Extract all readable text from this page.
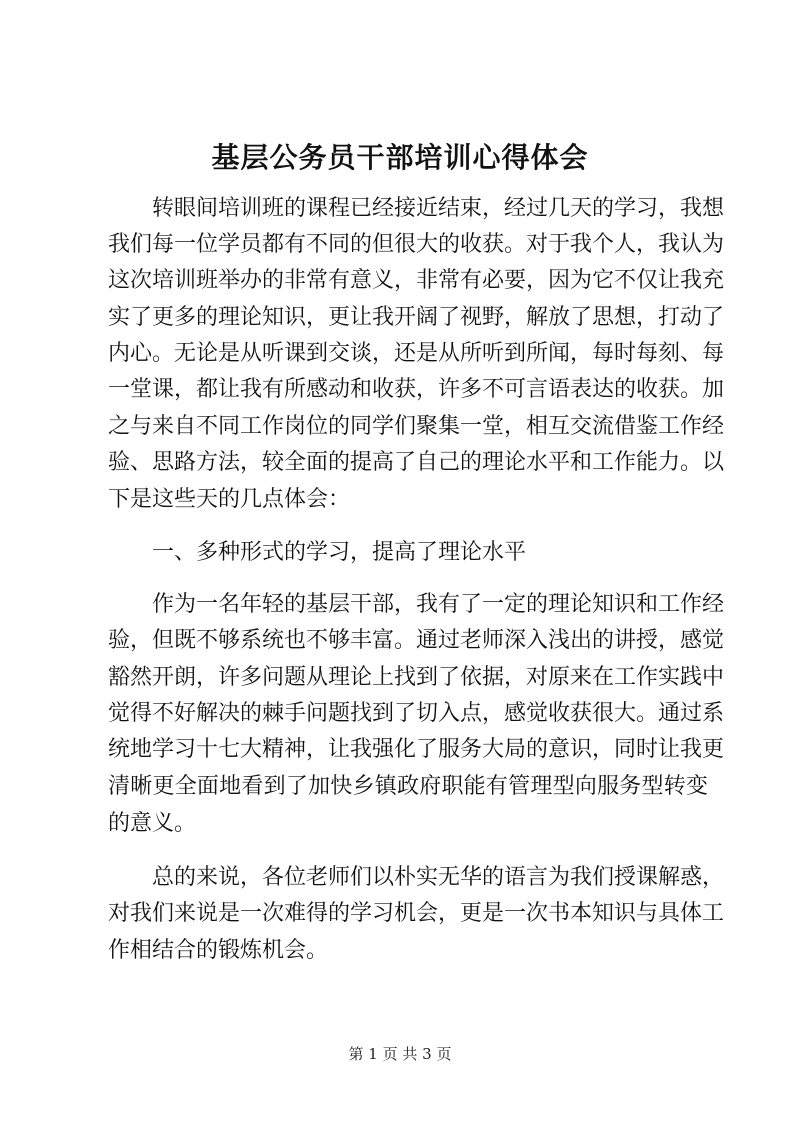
基层公务员干部培训心得体会
转眼间培训班的课程已经接近结束，经过几天的学习，我想
我们每一位学员都有不同的但很大的收获。对于我个人，我认为
这次培训班举办的非常有意义，非常有必要，因为它不仅让我充
实了更多的理论知识，更让我开阔了视野，解放了思想，打动了
内心。无论是从听课到交谈，还是从所听到所闻，每时每刻、每
一堂课，都让我有所感动和收获，许多不可言语表达的收获。加
之与来自不同工作岗位的同学们聚集一堂，相互交流借鉴工作经
验、思路方法，较全面的提高了自己的理论水平和工作能力。以
下是这些天的几点体会：
一、多种形式的学习，提高了理论水平
作为一名年轻的基层干部，我有了一定的理论知识和工作经
验，但既不够系统也不够丰富。通过老师深入浅出的讲授，感觉
豁然开朗，许多问题从理论上找到了依据，对原来在工作实践中
觉得不好解决的棘手问题找到了切入点，感觉收获很大。通过系
统地学习十七大精神，让我强化了服务大局的意识，同时让我更
清晰更全面地看到了加快乡镇政府职能有管理型向服务型转变
的意义。
总的来说，各位老师们以朴实无华的语言为我们授课解惑，
对我们来说是一次难得的学习机会，更是一次书本知识与具体工
作相结合的锻炼机会。
第 1 页 共 3 页
